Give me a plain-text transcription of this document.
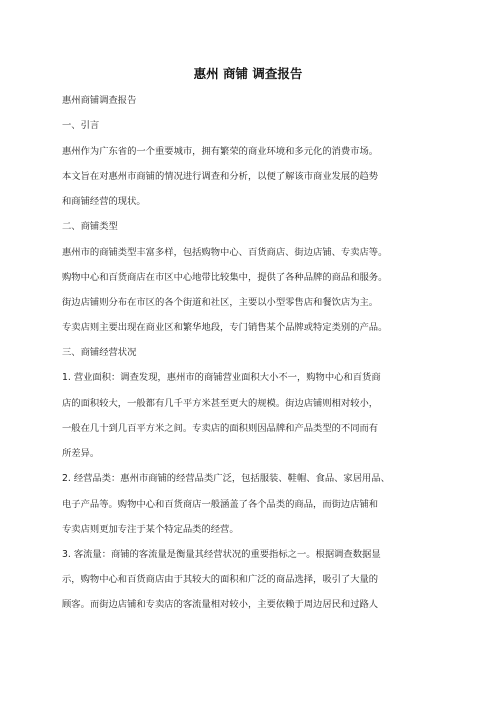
惠州 商铺 调查报告
惠州商铺调查报告
一、引言
惠州作为广东省的一个重要城市，拥有繁荣的商业环境和多元化的消费市场。
本文旨在对惠州市商铺的情况进行调查和分析，以便了解该市商业发展的趋势
和商铺经营的现状。
二、商铺类型
惠州市的商铺类型丰富多样，包括购物中心、百货商店、街边店铺、专卖店等。
购物中心和百货商店在市区中心地带比较集中，提供了各种品牌的商品和服务。
街边店铺则分布在市区的各个街道和社区，主要以小型零售店和餐饮店为主。
专卖店则主要出现在商业区和繁华地段，专门销售某个品牌或特定类别的产品。
三、商铺经营状况
1. 营业面积：调查发现，惠州市的商铺营业面积大小不一，购物中心和百货商
店的面积较大，一般都有几千平方米甚至更大的规模。街边店铺则相对较小，
一般在几十到几百平方米之间。专卖店的面积则因品牌和产品类型的不同而有
所差异。
2. 经营品类：惠州市商铺的经营品类广泛，包括服装、鞋帽、食品、家居用品、
电子产品等。购物中心和百货商店一般涵盖了各个品类的商品，而街边店铺和
专卖店则更加专注于某个特定品类的经营。
3. 客流量：商铺的客流量是衡量其经营状况的重要指标之一。根据调查数据显
示，购物中心和百货商店由于其较大的面积和广泛的商品选择，吸引了大量的
顾客。而街边店铺和专卖店的客流量相对较小，主要依赖于周边居民和过路人
